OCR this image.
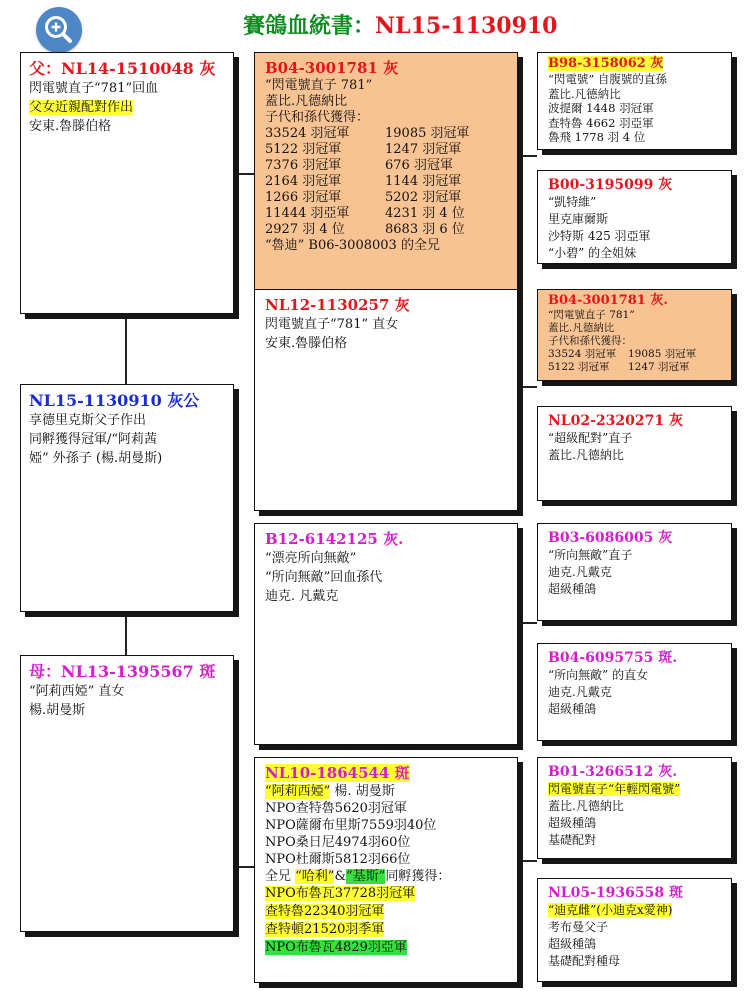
賽鴿血統書：NL15-1130910
父：NL14-1510048 灰
閃電號直子“781”回血
父女近親配對作出
安東.魯滕伯格
NL15-1130910 灰公
享德里克斯父子作出
同孵獲得冠軍/“阿莉茜
婭” 外孫子 (楊.胡曼斯)
母：NL13-1395567 斑
“阿莉西婭” 直女
楊.胡曼斯
B04-3001781 灰
“閃電號直子 781”
蓋比.凡德納比
子代和孫代獲得：
33524 羽冠軍	19085 羽冠軍
5122 羽冠軍	1247 羽冠軍
7376 羽冠軍	676 羽冠軍
2164 羽冠軍	1144 羽冠軍
1266 羽冠軍	5202 羽冠軍
11444 羽亞軍	4231 羽 4 位
2927 羽 4 位	8683 羽 6 位
“魯迪” B06-3008003 的全兄
NL12-1130257 灰
閃電號直子“781” 直女
安東.魯滕伯格
B12-6142125 灰.
“漂亮所向無敵”
“所向無敵”回血孫代
迪克. 凡戴克
NL10-1864544 斑
“阿莉西婭” 楊. 胡曼斯
NPO查特魯5620羽冠軍
NPO薩爾布里斯7559羽40位
NPO桑日尼4974羽60位
NPO杜爾斯5812羽66位
全兄 “哈利”&“基斯”同孵獲得：
NPO布魯瓦37728羽冠軍
查特魯22340羽冠軍
查特頓21520羽季軍
NPO布魯瓦4829羽亞軍
B98-3158062 灰
“閃電號” 自腹號的直孫
蓋比.凡德納比
波提爾 1448 羽冠軍
查特魯 4662 羽亞軍
魯飛 1778 羽 4 位
B00-3195099 灰
“凱特維”
里克庫爾斯
沙特斯 425 羽亞軍
“小碧” 的全姐妹
B04-3001781 灰.
“閃電號直子 781”
蓋比.凡德納比
子代和孫代獲得：
33524 羽冠軍	19085 羽冠軍
5122 羽冠軍	1247 羽冠軍
NL02-2320271 灰
“超級配對”直子
蓋比.凡德納比
B03-6086005 灰
“所向無敵”直子
迪克.凡戴克
超級種鴿
B04-6095755 斑.
“所向無敵” 的直女
迪克.凡戴克
超級種鴿
B01-3266512 灰.
閃電號直子“年輕閃電號”
蓋比.凡德納比
超級種鴿
基礎配對
NL05-1936558 斑
“迪克雌”(小迪克x愛神)
考布曼父子
超級種鴿
基礎配對種母
